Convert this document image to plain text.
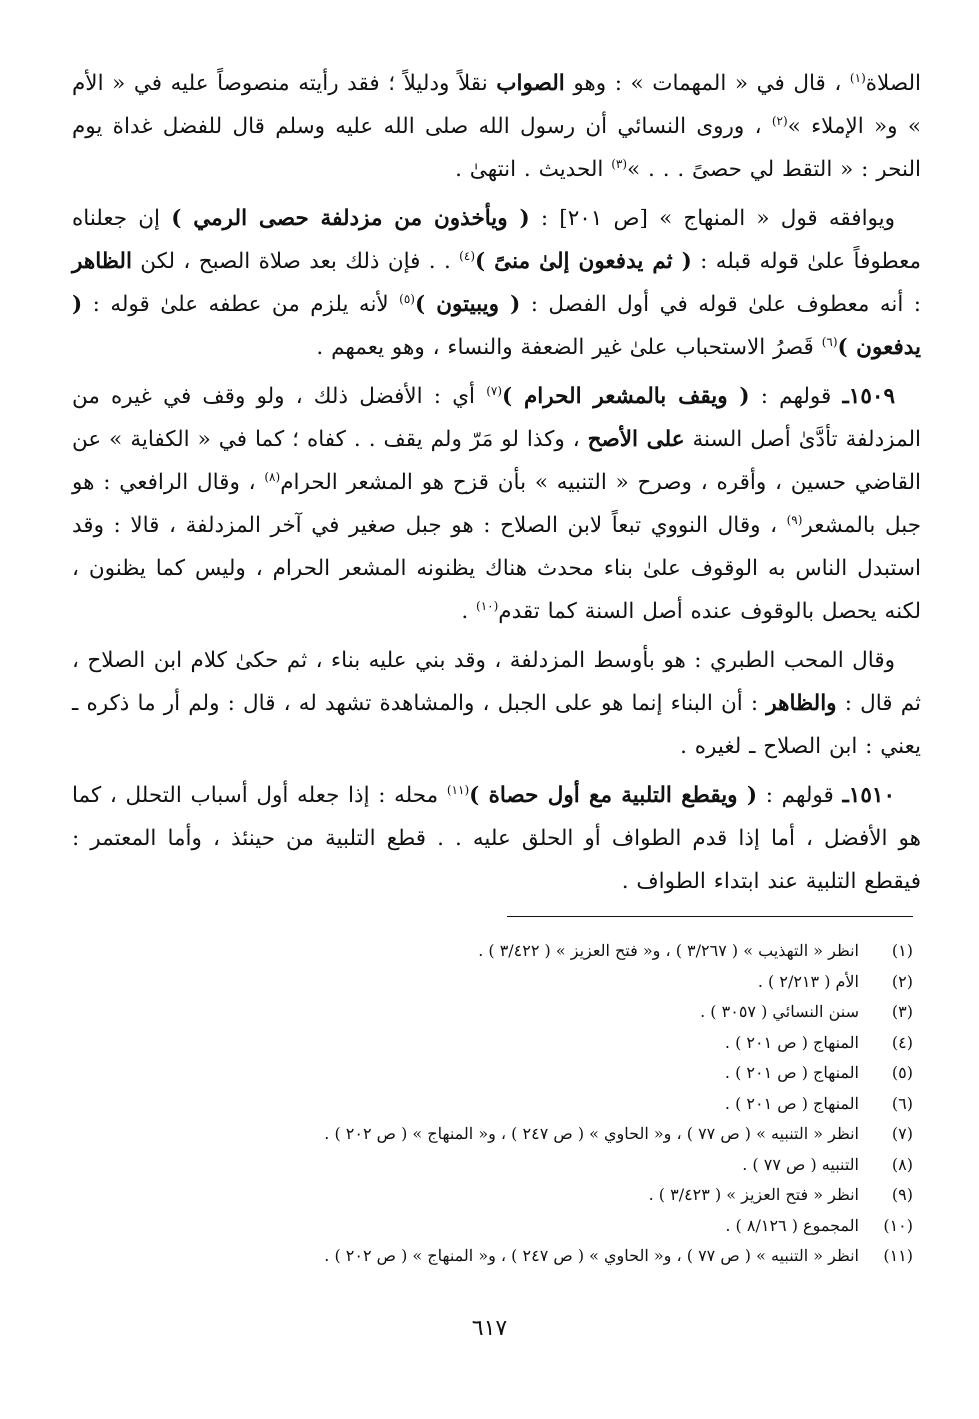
الصلاة$^{(١)}$ ، قال في « المهمات » : وهو الصواب نقلاً ودليلاً ؛ فقد رأيته منصوصاً عليه في « الأم » و« الإملاء »$^{(٢)}$ ، وروى النسائي أن رسول الله صلى الله عليه وسلم قال للفضل غداة يوم النحر : « التقط لي حصىً . . . »$^{(٣)}$ الحديث . انتهىٰ .

ويوافقه قول « المنهاج » [ص ٢٠١] : ( ويأخذون من مزدلفة حصى الرمي ) إن جعلناه معطوفاً علىٰ قوله قبله : ( ثم يدفعون إلىٰ منىً )$^{(٤)}$ . . فإن ذلك بعد صلاة الصبح ، لكن الظاهر : أنه معطوف علىٰ قوله في أول الفصل : ( ويبيتون )$^{(٥)}$ لأنه يلزم من عطفه علىٰ قوله : ( يدفعون )$^{(٦)}$ قَصرُ الاستحباب علىٰ غير الضعفة والنساء ، وهو يعمهم .

١٥٠٩ـ قولهم : ( ويقف بالمشعر الحرام )$^{(٧)}$ أي : الأفضل ذلك ، ولو وقف في غيره من المزدلفة تأدَّىٰ أصل السنة على الأصح ، وكذا لو مَرّ ولم يقف . . كفاه ؛ كما في « الكفاية » عن القاضي حسين ، وأقره ، وصرح « التنبيه » بأن قزح هو المشعر الحرام$^{(٨)}$ ، وقال الرافعي : هو جبل بالمشعر$^{(٩)}$ ، وقال النووي تبعاً لابن الصلاح : هو جبل صغير في آخر المزدلفة ، قالا : وقد استبدل الناس به الوقوف علىٰ بناء محدث هناك يظنونه المشعر الحرام ، وليس كما يظنون ، لكنه يحصل بالوقوف عنده أصل السنة كما تقدم$^{(١٠)}$ .

وقال المحب الطبري : هو بأوسط المزدلفة ، وقد بني عليه بناء ، ثم حكىٰ كلام ابن الصلاح ، ثم قال : والظاهر : أن البناء إنما هو على الجبل ، والمشاهدة تشهد له ، قال : ولم أر ما ذكره ـ يعني : ابن الصلاح ـ لغيره .

١٥١٠ـ قولهم : ( ويقطع التلبية مع أول حصاة )$^{(١١)}$ محله : إذا جعله أول أسباب التحلل ، كما هو الأفضل ، أما إذا قدم الطواف أو الحلق عليه . . قطع التلبية من حينئذ ، وأما المعتمر : فيقطع التلبية عند ابتداء الطواف .

(١)
انظر « التهذيب » ( ٣/٢٦٧ ) ، و« فتح العزيز » ( ٣/٤٢٢ ) .
(٢)
الأم ( ٢/٢١٣ ) .
(٣)
سنن النسائي ( ٣٠٥٧ ) .
(٤)
المنهاج ( ص ٢٠١ ) .
(٥)
المنهاج ( ص ٢٠١ ) .
(٦)
المنهاج ( ص ٢٠١ ) .
(٧)
انظر « التنبيه » ( ص ٧٧ ) ، و« الحاوي » ( ص ٢٤٧ ) ، و« المنهاج » ( ص ٢٠٢ ) .
(٨)
التنبيه ( ص ٧٧ ) .
(٩)
انظر « فتح العزيز » ( ٣/٤٢٣ ) .
(١٠)
المجموع ( ٨/١٢٦ ) .
(١١)
انظر « التنبيه » ( ص ٧٧ ) ، و« الحاوي » ( ص ٢٤٧ ) ، و« المنهاج » ( ص ٢٠٢ ) .
٦١٧
